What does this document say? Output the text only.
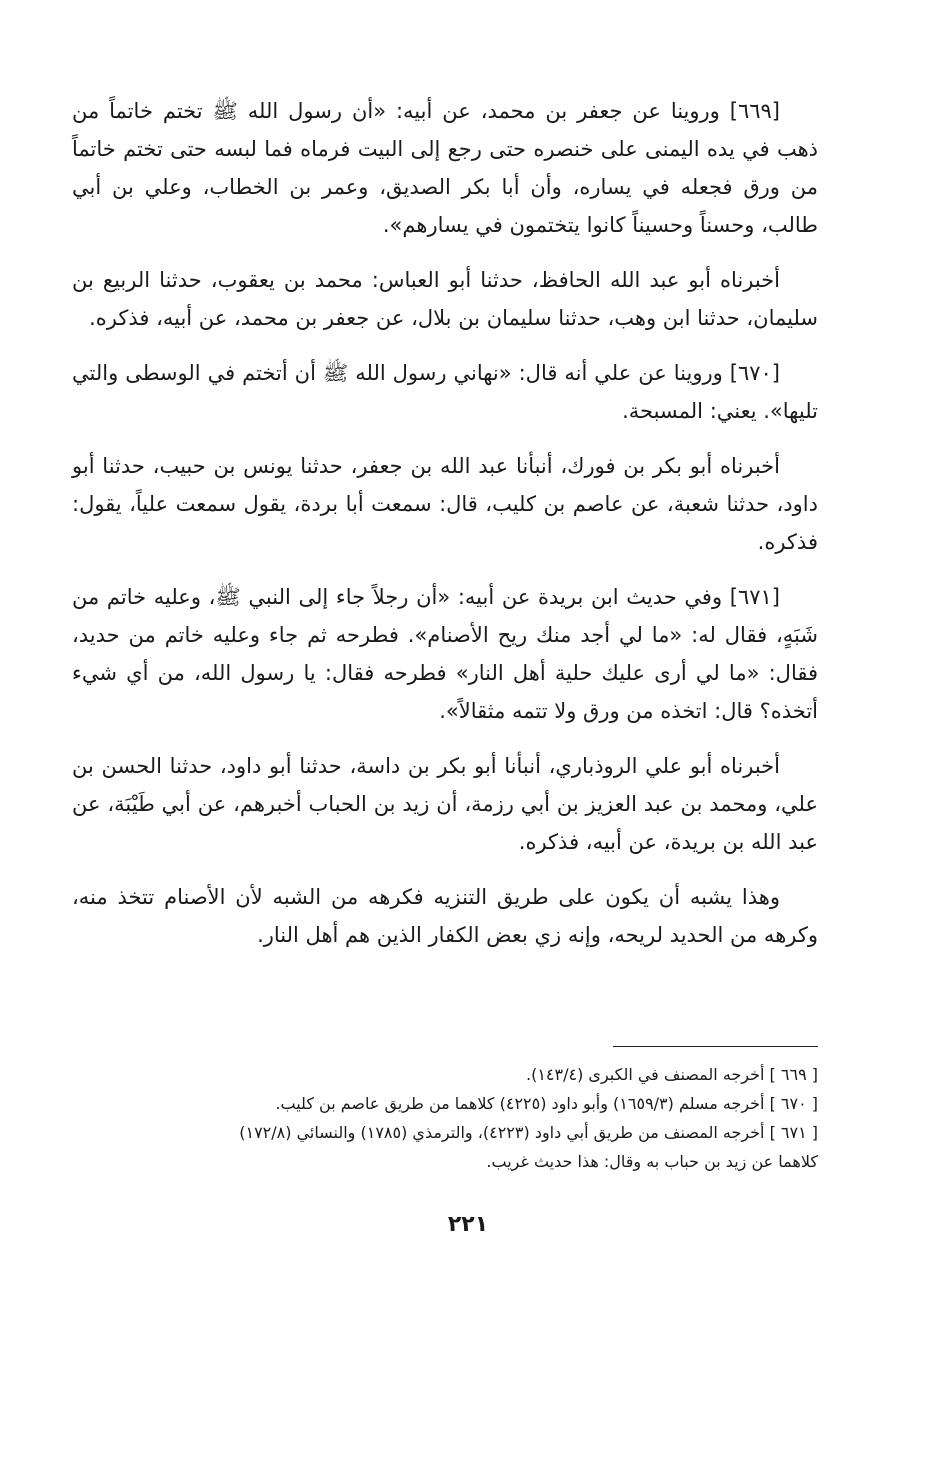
[٦٦٩] وروينا عن جعفر بن محمد، عن أبيه: «أن رسول الله ﷺ تختم خاتماً من ذهب في يده اليمنى على خنصره حتى رجع إلى البيت فرماه فما لبسه حتى تختم خاتماً من ورق فجعله في يساره، وأن أبا بكر الصديق، وعمر بن الخطاب، وعلي بن أبي طالب، وحسناً وحسيناً كانوا يتختمون في يسارهم».

أخبرناه أبو عبد الله الحافظ، حدثنا أبو العباس: محمد بن يعقوب، حدثنا الربيع بن سليمان، حدثنا ابن وهب، حدثنا سليمان بن بلال، عن جعفر بن محمد، عن أبيه، فذكره.

[٦٧٠] وروينا عن علي أنه قال: «نهاني رسول الله ﷺ أن أتختم في الوسطى والتي تليها». يعني: المسبحة.

أخبرناه أبو بكر بن فورك، أنبأنا عبد الله بن جعفر، حدثنا يونس بن حبيب، حدثنا أبو داود، حدثنا شعبة، عن عاصم بن كليب، قال: سمعت أبا بردة، يقول سمعت علياً، يقول: فذكره.

[٦٧١] وفي حديث ابن بريدة عن أبيه: «أن رجلاً جاء إلى النبي ﷺ، وعليه خاتم من شَبَهٍ، فقال له: «ما لي أجد منك ريح الأصنام». فطرحه ثم جاء وعليه خاتم من حديد، فقال: «ما لي أرى عليك حلية أهل النار» فطرحه فقال: يا رسول الله، من أي شيء أتخذه؟ قال: اتخذه من ورق ولا تتمه مثقالاً».

أخبرناه أبو علي الروذباري، أنبأنا أبو بكر بن داسة، حدثنا أبو داود، حدثنا الحسن بن علي، ومحمد بن عبد العزيز بن أبي رزمة، أن زيد بن الحباب أخبرهم، عن أبي طَيْبَة، عن عبد الله بن بريدة، عن أبيه، فذكره.

وهذا يشبه أن يكون على طريق التنزيه فكرهه من الشبه لأن الأصنام تتخذ منه، وكرهه من الحديد لريحه، وإنه زي بعض الكفار الذين هم أهل النار.

[ ٦٦٩ ] أخرجه المصنف في الكبرى (١٤٣/٤).

[ ٦٧٠ ] أخرجه مسلم (١٦٥٩/٣) وأبو داود (٤٢٢٥) كلاهما من طريق عاصم بن كليب.

[ ٦٧١ ] أخرجه المصنف من طريق أبي داود (٤٢٢٣)، والترمذي (١٧٨٥) والنسائي (١٧٢/٨)

كلاهما عن زيد بن حباب به وقال: هذا حديث غريب.

٢٢١
